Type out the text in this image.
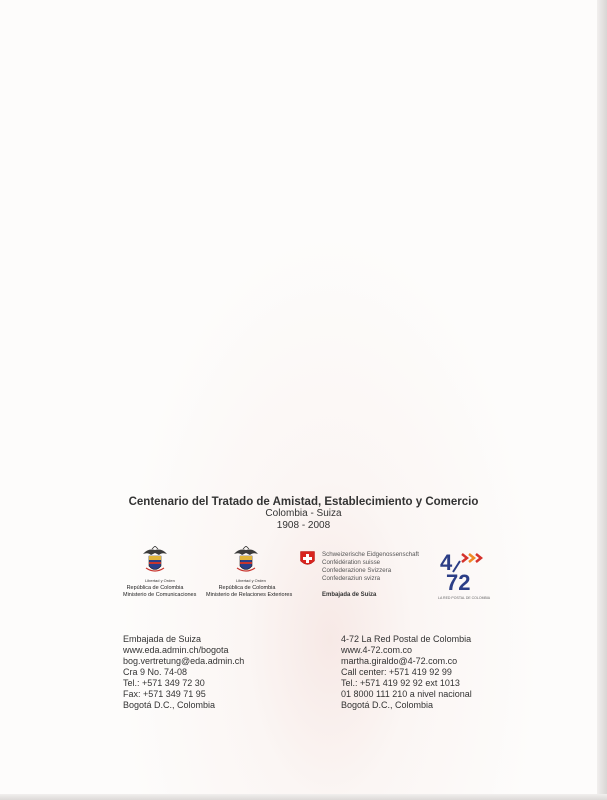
Centenario del Tratado de Amistad, Establecimiento y Comercio
Colombia - Suiza
1908 - 2008
Libertad y Orden
República de Colombia
Ministerio de Comunicaciones
Libertad y Orden
República de Colombia
Ministerio de Relaciones Exteriores
Schweizerische Eidgenossenschaft
Confédération suisse
Confederazione Svizzera
Confederaziun svizra
Embajada de Suiza
4
72
LA RED POSTAL DE COLOMBIA
Embajada de Suiza
www.eda.admin.ch/bogota
bog.vertretung@eda.admin.ch
Cra 9 No. 74-08
Tel.: +571 349 72 30
Fax: +571 349 71 95
Bogotá D.C., Colombia
4-72 La Red Postal de Colombia
www.4-72.com.co
martha.giraldo@4-72.com.co
Call center: +571 419 92 99
Tel.: +571 419 92 92 ext 1013
01 8000 111 210 a nivel nacional
Bogotá D.C., Colombia
